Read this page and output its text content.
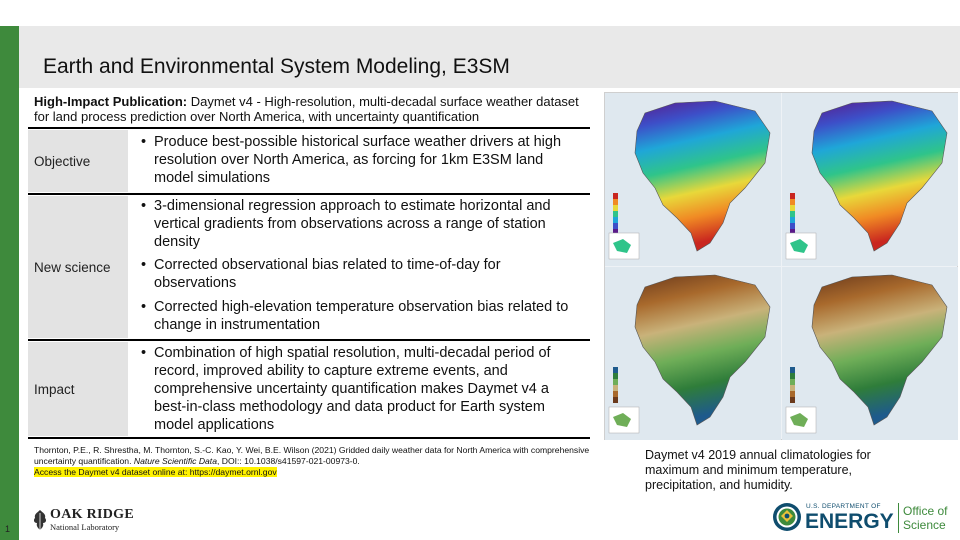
Earth and Environmental System Modeling, E3SM
High-Impact Publication: Daymet v4 - High-resolution, multi-decadal surface weather dataset for land process prediction over North America, with uncertainty quantification
Objective
• Produce best-possible historical surface weather drivers at high resolution over North America, as forcing for 1km E3SM land model simulations
New science
• 3-dimensional regression approach to estimate horizontal and vertical gradients from observations across a range of station density
• Corrected observational bias related to time-of-day for observations
• Corrected high-elevation temperature observation bias related to change in instrumentation
Impact
• Combination of high spatial resolution, multi-decadal period of record, improved ability to capture extreme events, and comprehensive uncertainty quantification makes Daymet v4 a best-in-class methodology and data product for Earth system model applications
Thornton, P.E., R. Shrestha, M. Thornton, S.-C. Kao, Y. Wei, B.E. Wilson (2021) Gridded daily weather data for North America with comprehensive uncertainty quantification. Nature Scientific Data, DOI:: 10.1038/s41597-021-00973-0.
Access the Daymet v4 dataset online at: https://daymet.ornl.gov
Daymet v4 2019 annual climatologies for maximum and minimum temperature, precipitation, and humidity.
1
OAK RIDGE
National Laboratory
U.S. DEPARTMENT OF
ENERGY Office of
Science
